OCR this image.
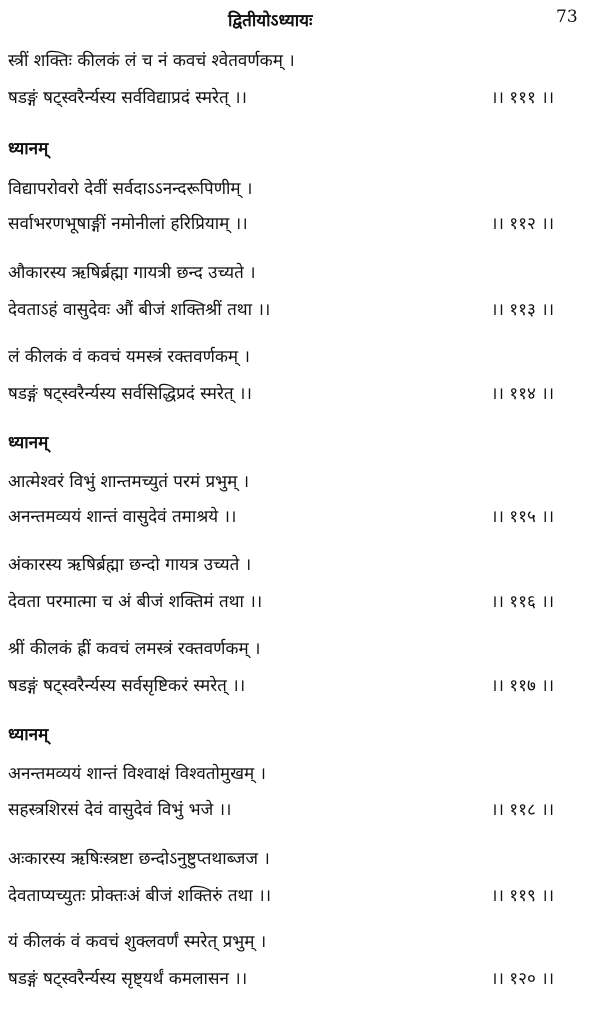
द्वितीयोऽध्यायः	73
स्त्रीं शक्तिः कीलकं लं च नं कवचं श्वेतवर्णकम् ।
षडङ्गं षट्स्वरैर्न्यस्य सर्वविद्याप्रदं स्मरेत् ।।	।। १११ ।।
ध्यानम्
विद्यापरोवरो देवीं सर्वदाऽऽनन्दरूपिणीम् ।
सर्वाभरणभूषाङ्गीं नमोनीलां हरिप्रियाम् ।।	।। ११२ ।।
औकारस्य ऋषिर्ब्रह्मा गायत्री छन्द उच्यते ।
देवताऽहं वासुदेवः औं बीजं शक्तिश्रीं तथा ।।	।। ११३ ।।
लं कीलकं वं कवचं यमस्त्रं रक्तवर्णकम् ।
षडङ्गं षट्स्वरैर्न्यस्य सर्वसिद्धिप्रदं स्मरेत् ।।	।। ११४ ।।
ध्यानम्
आत्मेश्वरं विभुं शान्तमच्युतं परमं प्रभुम् ।
अनन्तमव्ययं शान्तं वासुदेवं तमाश्रये ।।	।। ११५ ।।
अंकारस्य ऋषिर्ब्रह्मा छन्दो गायत्र उच्यते ।
देवता परमात्मा च अं बीजं शक्तिमं तथा ।।	।। ११६ ।।
श्रीं कीलकं ह्रीं कवचं लमस्त्रं रक्तवर्णकम् ।
षडङ्गं षट्स्वरैर्न्यस्य सर्वसृष्टिकरं स्मरेत् ।।	।। ११७ ।।
ध्यानम्
अनन्तमव्ययं शान्तं विश्वाक्षं विश्वतोमुखम् ।
सहस्त्रशिरसं देवं वासुदेवं विभुं भजे ।।	।। ११८ ।।
अःकारस्य ऋषिःस्त्रष्टा छन्दोऽनुष्टुप्तथाब्जज ।
देवताप्यच्युतः प्रोक्तःअं बीजं शक्तिरुं तथा ।।	।। ११९ ।।
यं कीलकं वं कवचं शुक्लवर्णं स्मरेत् प्रभुम् ।
षडङ्गं षट्स्वरैर्न्यस्य सृष्ट्यर्थं कमलासन ।।	।। १२० ।।
